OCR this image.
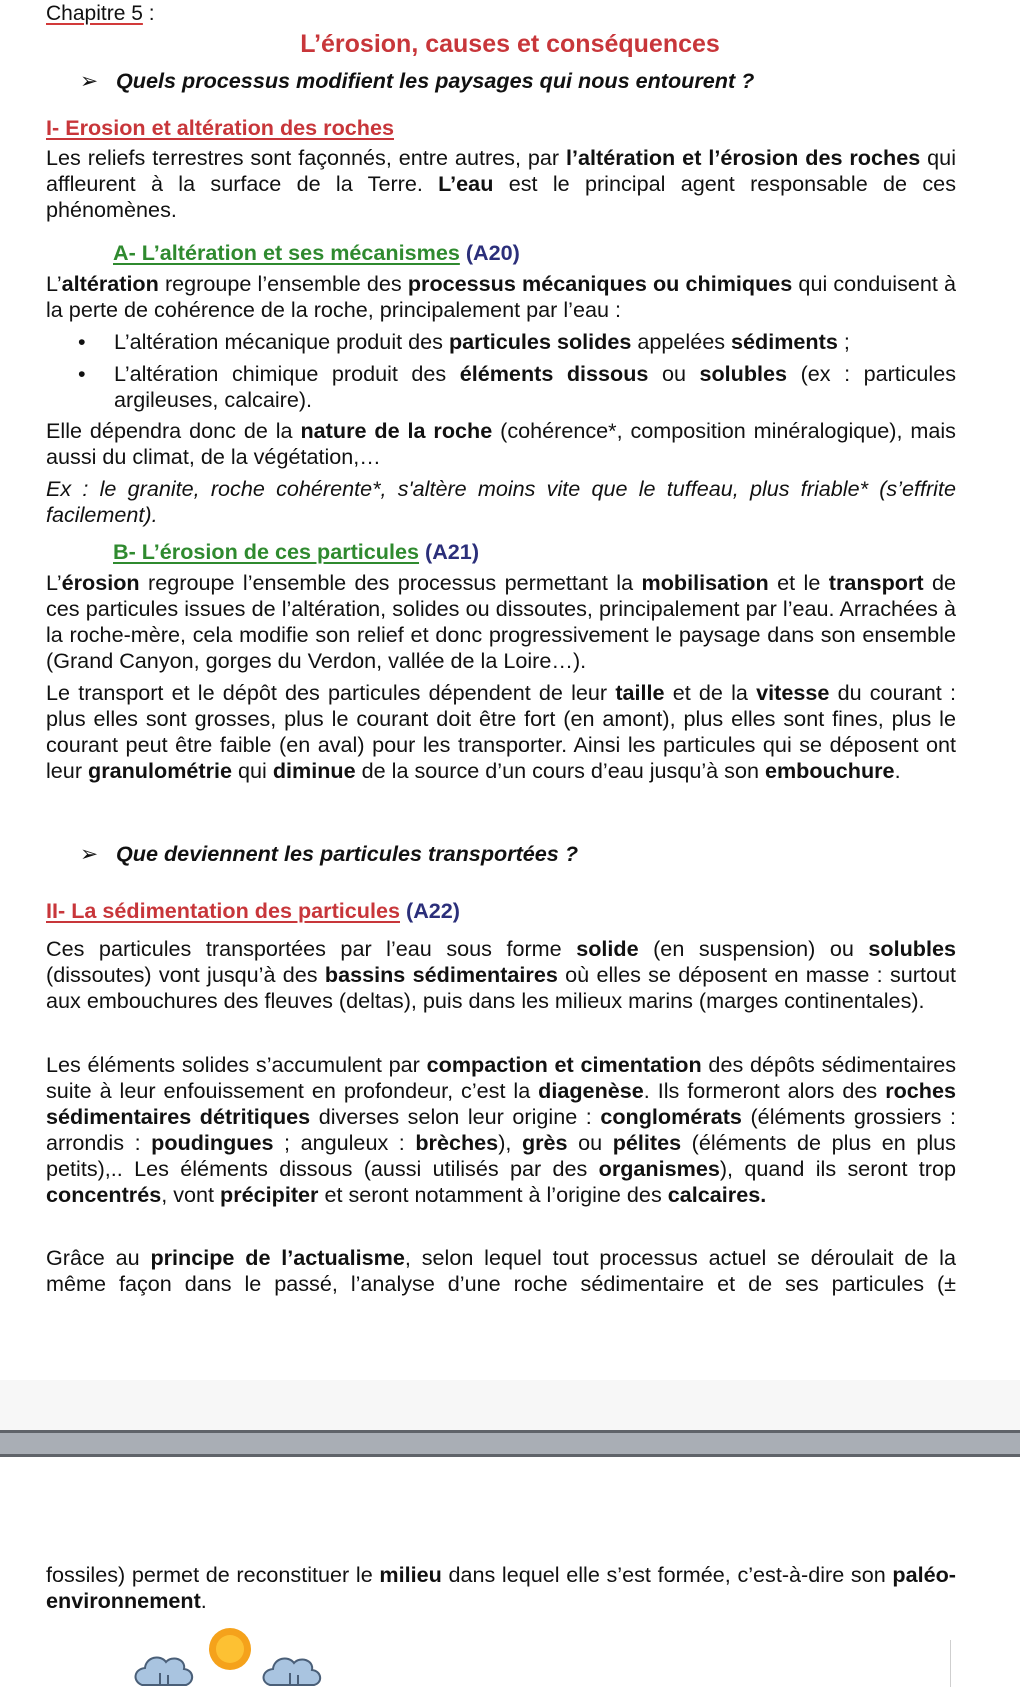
Chapitre 5 :
L’érosion, causes et conséquences
➢ Quels processus modifient les paysages qui nous entourent ?
I- Erosion et altération des roches

Les reliefs terrestres sont façonnés, entre autres, par l’altération et l’érosion des roches qui affleurent à la surface de la Terre. L’eau est le principal agent responsable de ces phénomènes.

A- L’altération et ses mécanismes (A20)

L’altération regroupe l’ensemble des processus mécaniques ou chimiques qui conduisent à la perte de cohérence de la roche, principalement par l’eau :

•	L’altération mécanique produit des particules solides appelées sédiments ;
•	L’altération chimique produit des éléments dissous ou solubles (ex : particules argileuses, calcaire).

Elle dépendra donc de la nature de la roche (cohérence*, composition minéralogique), mais aussi du climat, de la végétation,…

Ex : le granite, roche cohérente*, s'altère moins vite que le tuffeau, plus friable* (s’effrite facilement).

B- L’érosion de ces particules (A21)

L’érosion regroupe l’ensemble des processus permettant la mobilisation et le transport de ces particules issues de l’altération, solides ou dissoutes, principalement par l’eau. Arrachées à la roche-mère, cela modifie son relief et donc progressivement le paysage dans son ensemble (Grand Canyon, gorges du Verdon, vallée de la Loire…).

Le transport et le dépôt des particules dépendent de leur taille et de la vitesse du courant : plus elles sont grosses, plus le courant doit être fort (en amont), plus elles sont fines, plus le courant peut être faible (en aval) pour les transporter. Ainsi les particules qui se déposent ont leur granulométrie qui diminue de la source d’un cours d’eau jusqu’à son embouchure.

➢ Que deviennent les particules transportées ?
II- La sédimentation des particules (A22)

Ces particules transportées par l’eau sous forme solide (en suspension) ou solubles (dissoutes) vont jusqu’à des bassins sédimentaires où elles se déposent en masse : surtout aux embouchures des fleuves (deltas), puis dans les milieux marins (marges continentales).

Les éléments solides s’accumulent par compaction et cimentation des dépôts sédimentaires suite à leur enfouissement en profondeur, c’est la diagenèse. Ils formeront alors des roches sédimentaires détritiques diverses selon leur origine : conglomérats (éléments grossiers : arrondis : poudingues ; anguleux : brèches), grès ou pélites (éléments de plus en plus petits),.. Les éléments dissous (aussi utilisés par des organismes), quand ils seront trop concentrés, vont précipiter et seront notamment à l’origine des calcaires.

Grâce au principe de l’actualisme, selon lequel tout processus actuel se déroulait de la même façon dans le passé, l’analyse d’une roche sédimentaire et de ses particules (±

fossiles) permet de reconstituer le milieu dans lequel elle s’est formée, c’est-à-dire son paléo-environnement.
